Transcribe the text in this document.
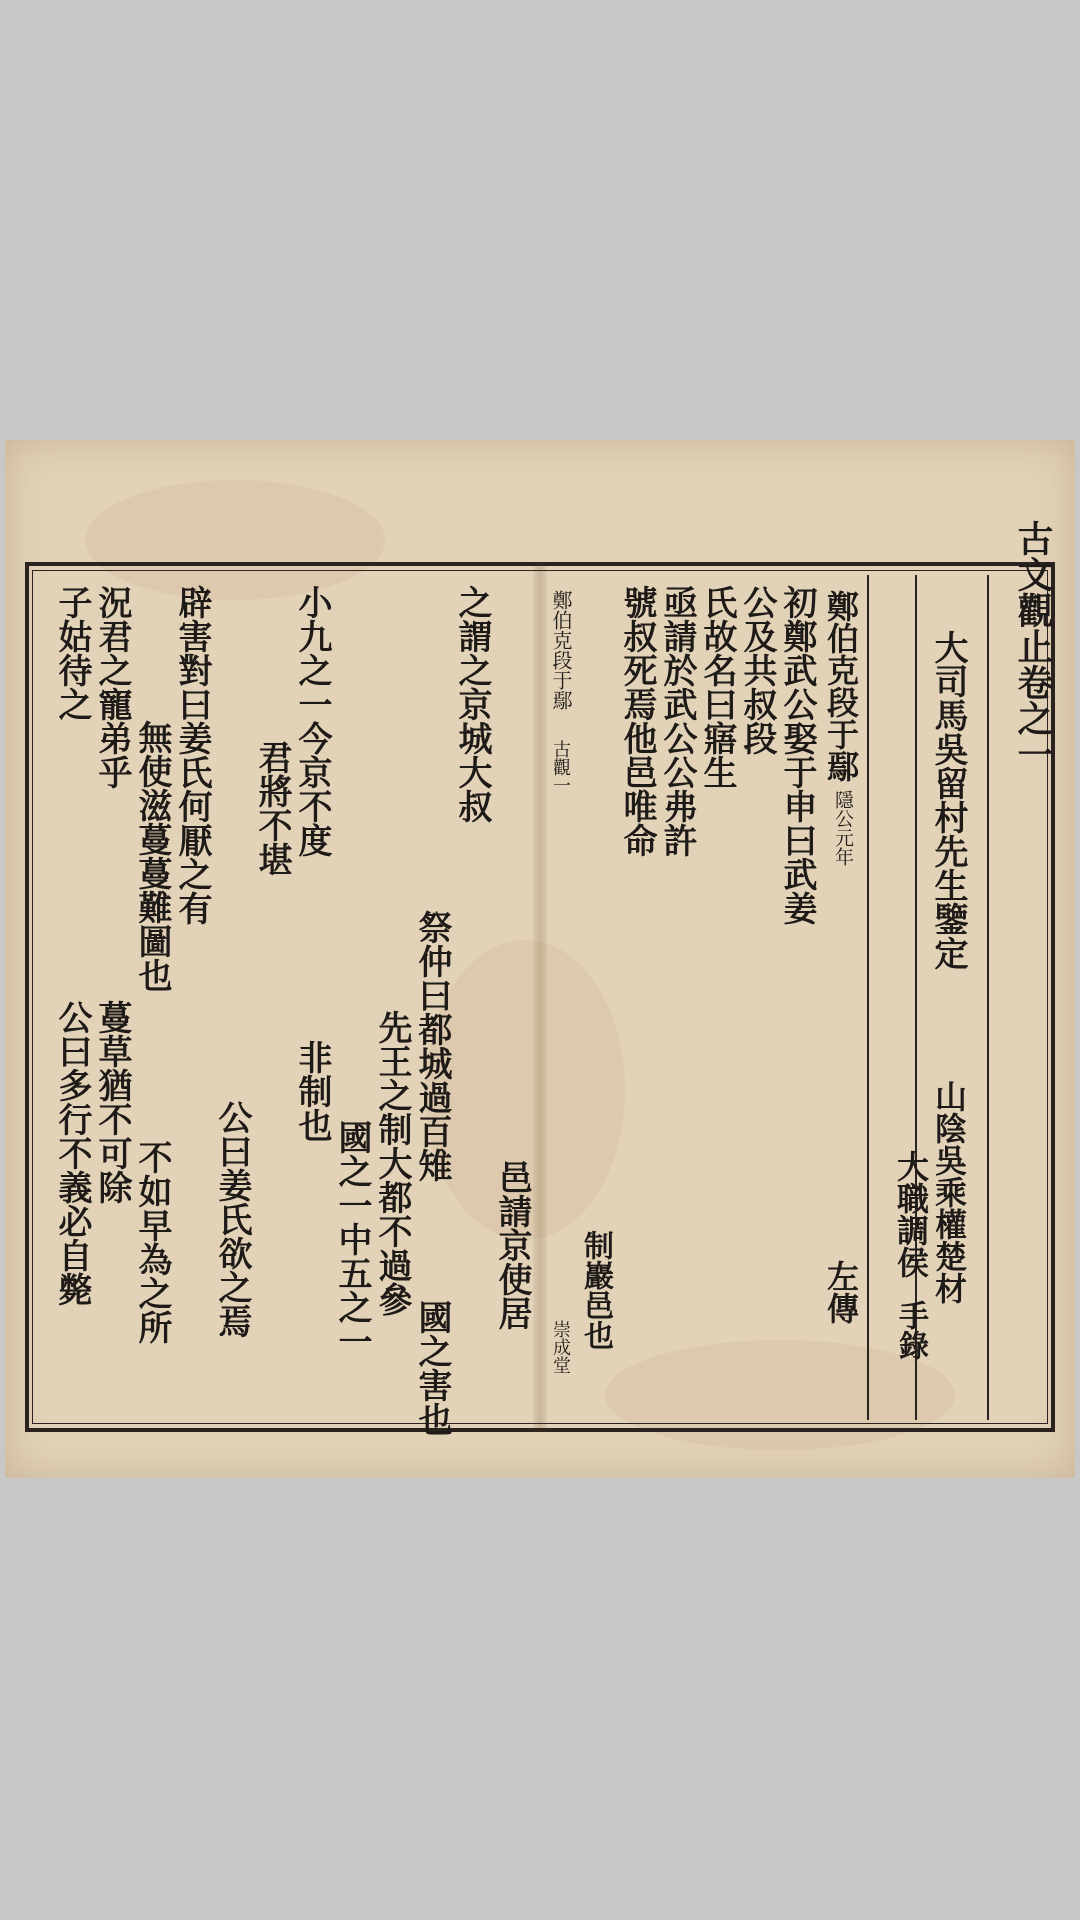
古文觀止卷之一
大司馬吳留村先生鑒定
山陰吳乘權楚材
大職調侯
手錄
鄭伯克段于鄢
隱公元年
左傳
初鄭武公娶于申曰武姜
公及共叔段
氏故名曰寤生
亟請於武公公弗許
號叔死焉他邑唯命
鄭伯克段于鄢
古觀一
崇成堂 制巖邑也
邑請京使居
之謂之京城大叔
祭仲曰都城過百雉
國之害也
先王之制大都不過參
國之一中五之一
小九之一今京不度
非制也
君將不堪
公曰姜氏欲之焉
辟害對曰姜氏何厭之有
不如早為之所
無使滋蔓蔓難圖也
蔓草猶不可除
況君之寵弟乎
公曰多行不義必自斃
子姑待之
